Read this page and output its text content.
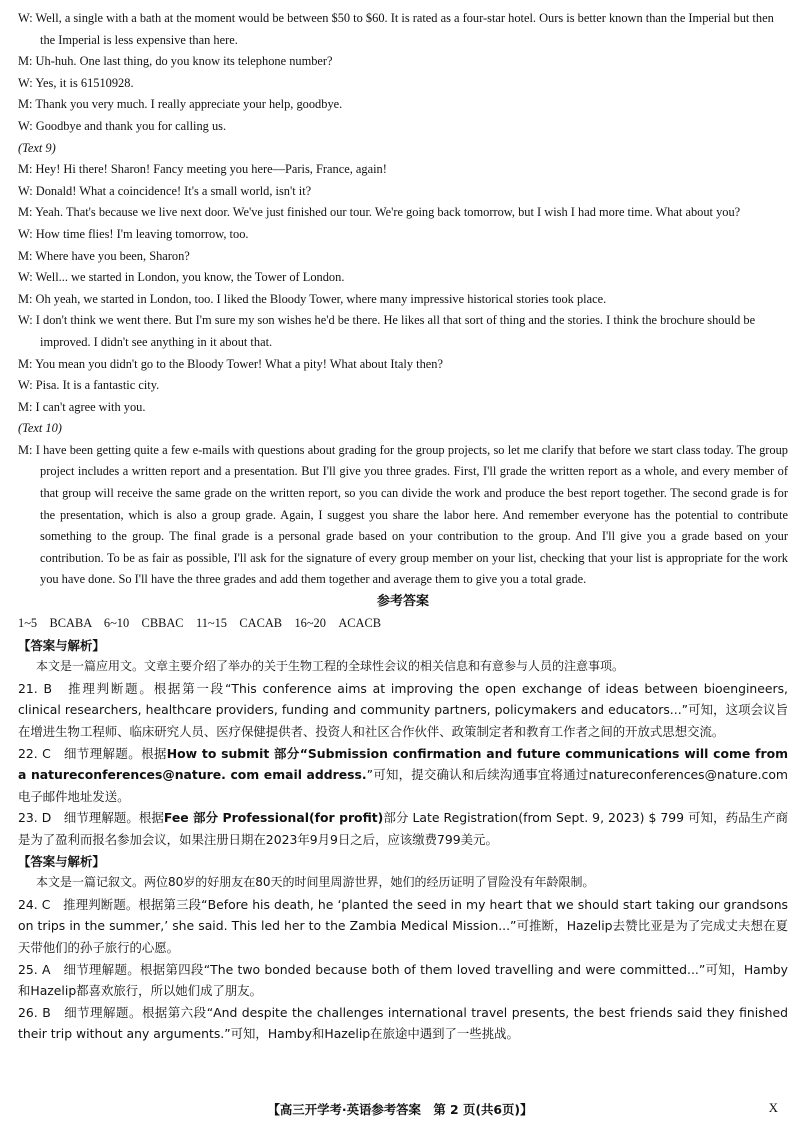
W: Well, a single with a bath at the moment would be between $50 to $60. It is rated as a four-star hotel. Ours is better known than the Imperial but then the Imperial is less expensive than here.
M: Uh-huh. One last thing, do you know its telephone number?
W: Yes, it is 61510928.
M: Thank you very much. I really appreciate your help, goodbye.
W: Goodbye and thank you for calling us.
(Text 9)
M: Hey! Hi there! Sharon! Fancy meeting you here—Paris, France, again!
W: Donald! What a coincidence! It's a small world, isn't it?
M: Yeah. That's because we live next door. We've just finished our tour. We're going back tomorrow, but I wish I had more time. What about you?
W: How time flies! I'm leaving tomorrow, too.
M: Where have you been, Sharon?
W: Well... we started in London, you know, the Tower of London.
M: Oh yeah, we started in London, too. I liked the Bloody Tower, where many impressive historical stories took place.
W: I don't think we went there. But I'm sure my son wishes he'd be there. He likes all that sort of thing and the stories. I think the brochure should be improved. I didn't see anything in it about that.
M: You mean you didn't go to the Bloody Tower! What a pity! What about Italy then?
W: Pisa. It is a fantastic city.
M: I can't agree with you.
(Text 10)
M: I have been getting quite a few e-mails with questions about grading for the group projects, so let me clarify that before we start class today. The group project includes a written report and a presentation. But I'll give you three grades. First, I'll grade the written report as a whole, and every member of that group will receive the same grade on the written report, so you can divide the work and produce the best report together. The second grade is for the presentation, which is also a group grade. Again, I suggest you share the labor here. And remember everyone has the potential to contribute something to the group. The final grade is a personal grade based on your contribution to the group. And I'll give you a grade based on your contribution. To be as fair as possible, I'll ask for the signature of every group member on your list, checking that your list is appropriate for the work you have done. So I'll have the three grades and add them together and average them to give you a total grade.
参考答案
1~5　BCABA　6~10　CBBAC　11~15　CACAB　16~20　ACACB
【答案与解析】
本文是一篇应用文。文章主要介绍了举办的关于生物工程的全球性会议的相关信息和有意参与人员的注意事项。
21. B　推理判断题。根据第一段“This conference aims at improving the open exchange of ideas between bioengineers, clinical researchers, healthcare providers, funding and community partners, policymakers and educators...”可知，这项会议旨在增进生物工程师、临床研究人员、医疗保健提供者、投资人和社区合作伙伴、政策制定者和教育工作者之间的开放式思想交流。
22. C　细节理解题。根据How to submit 部分“Submission confirmation and future communications will come from a natureconferences@nature. com email address.”可知，提交确认和后续沟通事宜将通过natureconferences@nature.com电子邮件地址发送。
23. D　细节理解题。根据Fee 部分 Professional(for profit)部分 Late Registration(from Sept. 9, 2023) $ 799 可知，药品生产商是为了盈利而报名参加会议，如果注册日期在2023年9月9日之后，应该缴费799美元。
【答案与解析】
本文是一篇记叙文。两位80岁的好朋友在80天的时间里周游世界，她们的经历证明了冒险没有年龄限制。
24. C　推理判断题。根据第三段“Before his death, he ‘planted the seed in my heart that we should start taking our grandsons on trips in the summer,’ she said. This led her to the Zambia Medical Mission...”可推断，Hazelip去赞比亚是为了完成丈夫想在夏天带他们的孙子旅行的心愿。
25. A　细节理解题。根据第四段“The two bonded because both of them loved travelling and were committed...”可知，Hamby和Hazelip都喜欢旅行，所以她们成了朋友。
26. B　细节理解题。根据第六段“And despite the challenges international travel presents, the best friends said they finished their trip without any arguments.”可知，Hamby和Hazelip在旅途中遇到了一些挑战。
【高三开学考·英语参考答案　第 2 页(共6页)】	X
